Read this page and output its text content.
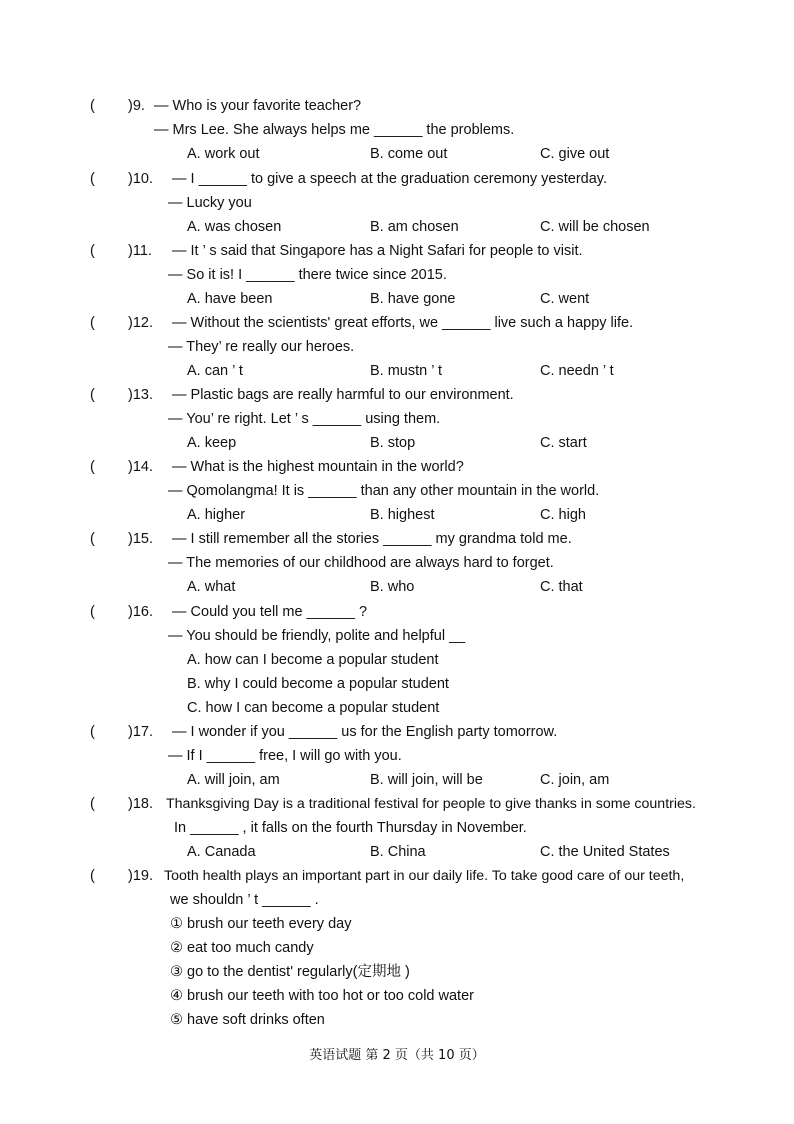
( )9. — Who is your favorite teacher?
— Mrs Lee. She always helps me ______ the problems.
A. work out	B. come out	C. give out
( )10. — I ______ to give a speech at the graduation ceremony yesterday.
— Lucky you
A. was chosen	B. am chosen	C. will be chosen
( )11. — It ’ s said that Singapore has a Night Safari for people to visit.
— So it is! I ______ there twice since 2015.
A. have been	B. have gone	C. went
( )12. — Without the scientists' great efforts, we ______ live such a happy life.
— They’ re really our heroes.
A. can ’ t	B. mustn ’ t	C. needn ’ t
( )13. — Plastic bags are really harmful to our environment.
— You’ re right. Let ’ s ______ using them.
A. keep	B. stop	C. start
( )14. — What is the highest mountain in the world?
— Qomolangma! It is ______ than any other mountain in the world.
A. higher	B. highest	C. high
( )15. — I still remember all the stories ______ my grandma told me.
— The memories of our childhood are always hard to forget.
A. what	B. who	C. that
( )16. — Could you tell me ______ ?
— You should be friendly, polite and helpful __
A. how can I become a popular student
B. why I could become a popular student
C. how I can become a popular student
( )17. — I wonder if you ______ us for the English party tomorrow.
— If I ______ free, I will go with you.
A. will join, am	B. will join, will be	C. join, am
( )18. Thanksgiving Day is a traditional festival for people to give thanks in some countries.
In ______ , it falls on the fourth Thursday in November.
A. Canada	B. China	C. the United States
( )19. Tooth health plays an important part in our daily life. To take good care of our teeth,
we shouldn ’ t ______ .
① brush our teeth every day
② eat too much candy
③ go to the dentist' regularly(定期地 )
④ brush our teeth with too hot or too cold water
⑤ have soft drinks often
英语试题 第 2 页（共 10 页）
